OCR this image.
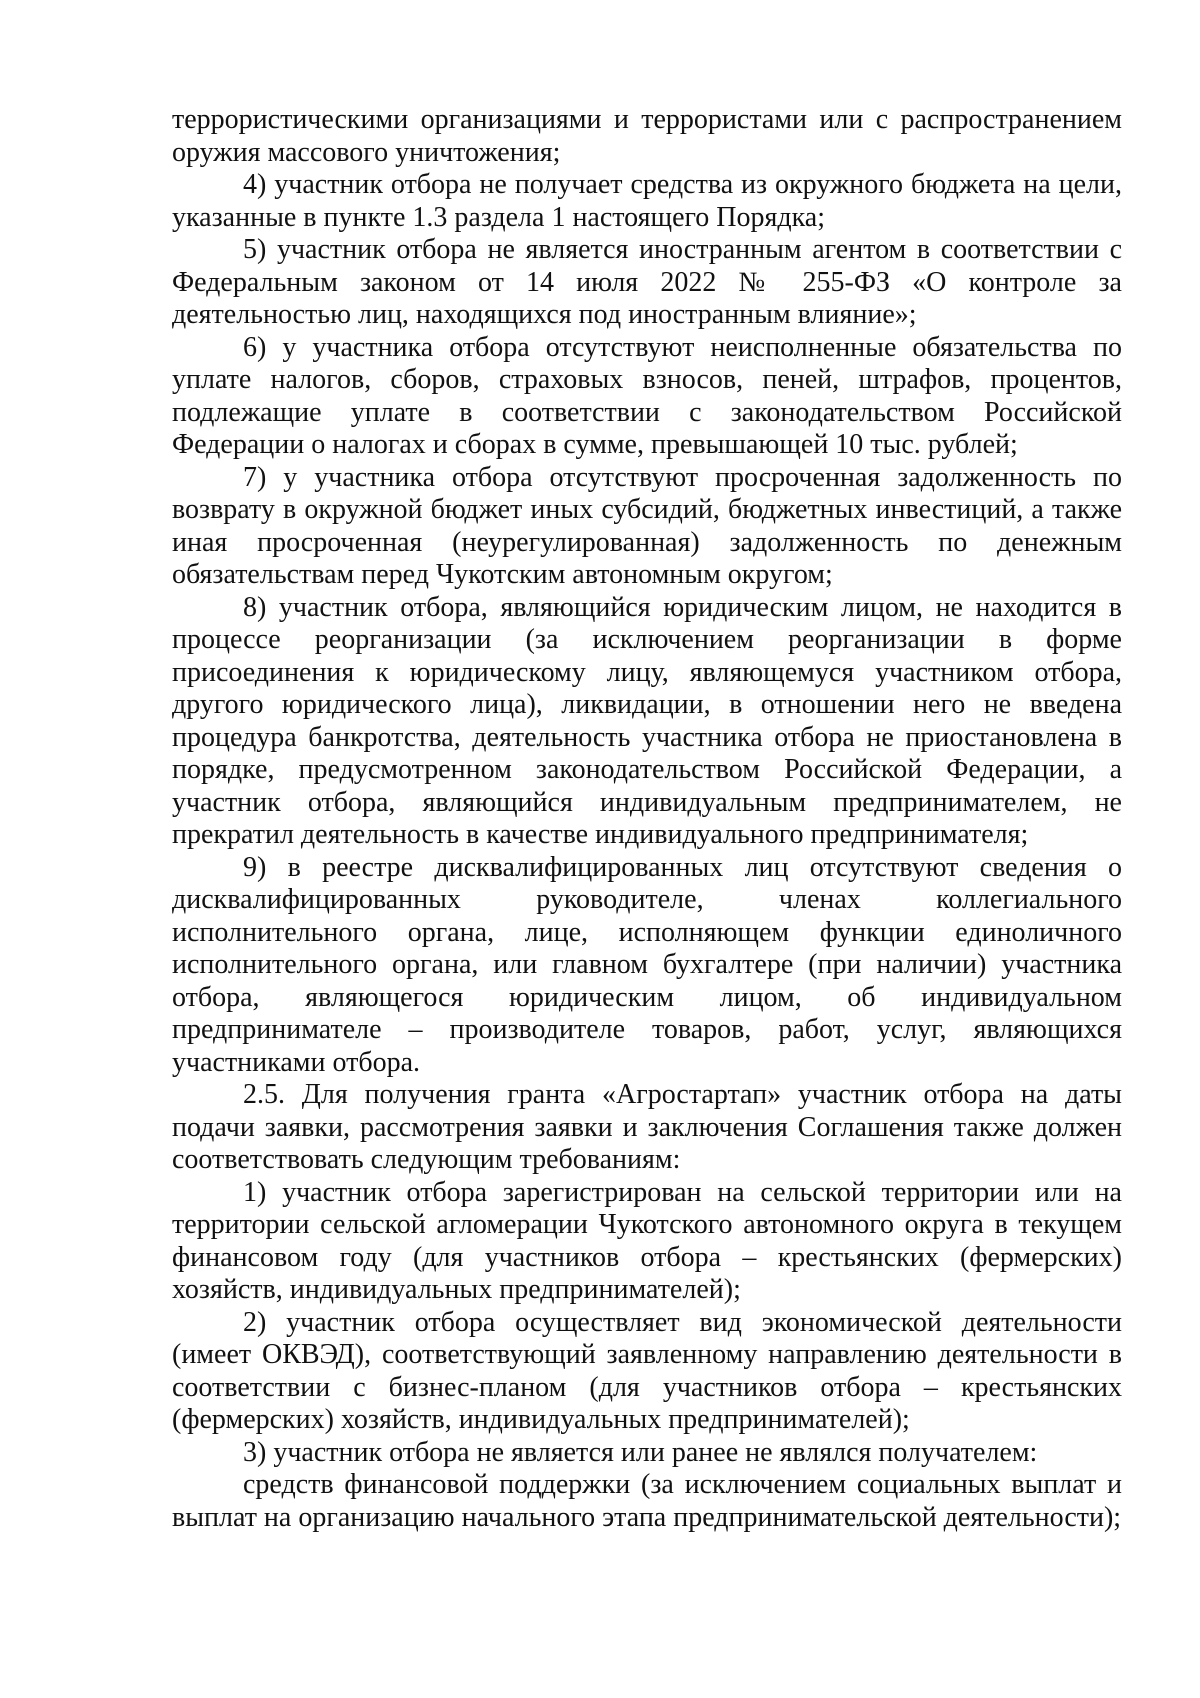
террористическими организациями и террористами или с распространением оружия массового уничтожения;

4) участник отбора не получает средства из окружного бюджета на цели, указанные в пункте 1.3 раздела 1 настоящего Порядка;

5) участник отбора не является иностранным агентом в соответствии с Федеральным законом от 14 июля 2022 № 255-ФЗ «О контроле за деятельностью лиц, находящихся под иностранным влияние»;

6) у участника отбора отсутствуют неисполненные обязательства по уплате налогов, сборов, страховых взносов, пеней, штрафов, процентов, подлежащие уплате в соответствии с законодательством Российской Федерации о налогах и сборах в сумме, превышающей 10 тыс. рублей;

7) у участника отбора отсутствуют просроченная задолженность по возврату в окружной бюджет иных субсидий, бюджетных инвестиций, а также иная просроченная (неурегулированная) задолженность по денежным обязательствам перед Чукотским автономным округом;

8) участник отбора, являющийся юридическим лицом, не находится в процессе реорганизации (за исключением реорганизации в форме присоединения к юридическому лицу, являющемуся участником отбора, другого юридического лица), ликвидации, в отношении него не введена процедура банкротства, деятельность участника отбора не приостановлена в порядке, предусмотренном законодательством Российской Федерации, а участник отбора, являющийся индивидуальным предпринимателем, не прекратил деятельность в качестве индивидуального предпринимателя;

9) в реестре дисквалифицированных лиц отсутствуют сведения о дисквалифицированных руководителе, членах коллегиального исполнительного органа, лице, исполняющем функции единоличного исполнительного органа, или главном бухгалтере (при наличии) участника отбора, являющегося юридическим лицом, об индивидуальном предпринимателе – производителе товаров, работ, услуг, являющихся участниками отбора.

2.5. Для получения гранта «Агростартап» участник отбора на даты подачи заявки, рассмотрения заявки и заключения Соглашения также должен соответствовать следующим требованиям:

1) участник отбора зарегистрирован на сельской территории или на территории сельской агломерации Чукотского автономного округа в текущем финансовом году (для участников отбора – крестьянских (фермерских) хозяйств, индивидуальных предпринимателей);

2) участник отбора осуществляет вид экономической деятельности (имеет ОКВЭД), соответствующий заявленному направлению деятельности в соответствии с бизнес-планом (для участников отбора – крестьянских (фермерских) хозяйств, индивидуальных предпринимателей);

3) участник отбора не является или ранее не являлся получателем:

средств финансовой поддержки (за исключением социальных выплат и выплат на организацию начального этапа предпринимательской деятельности);
